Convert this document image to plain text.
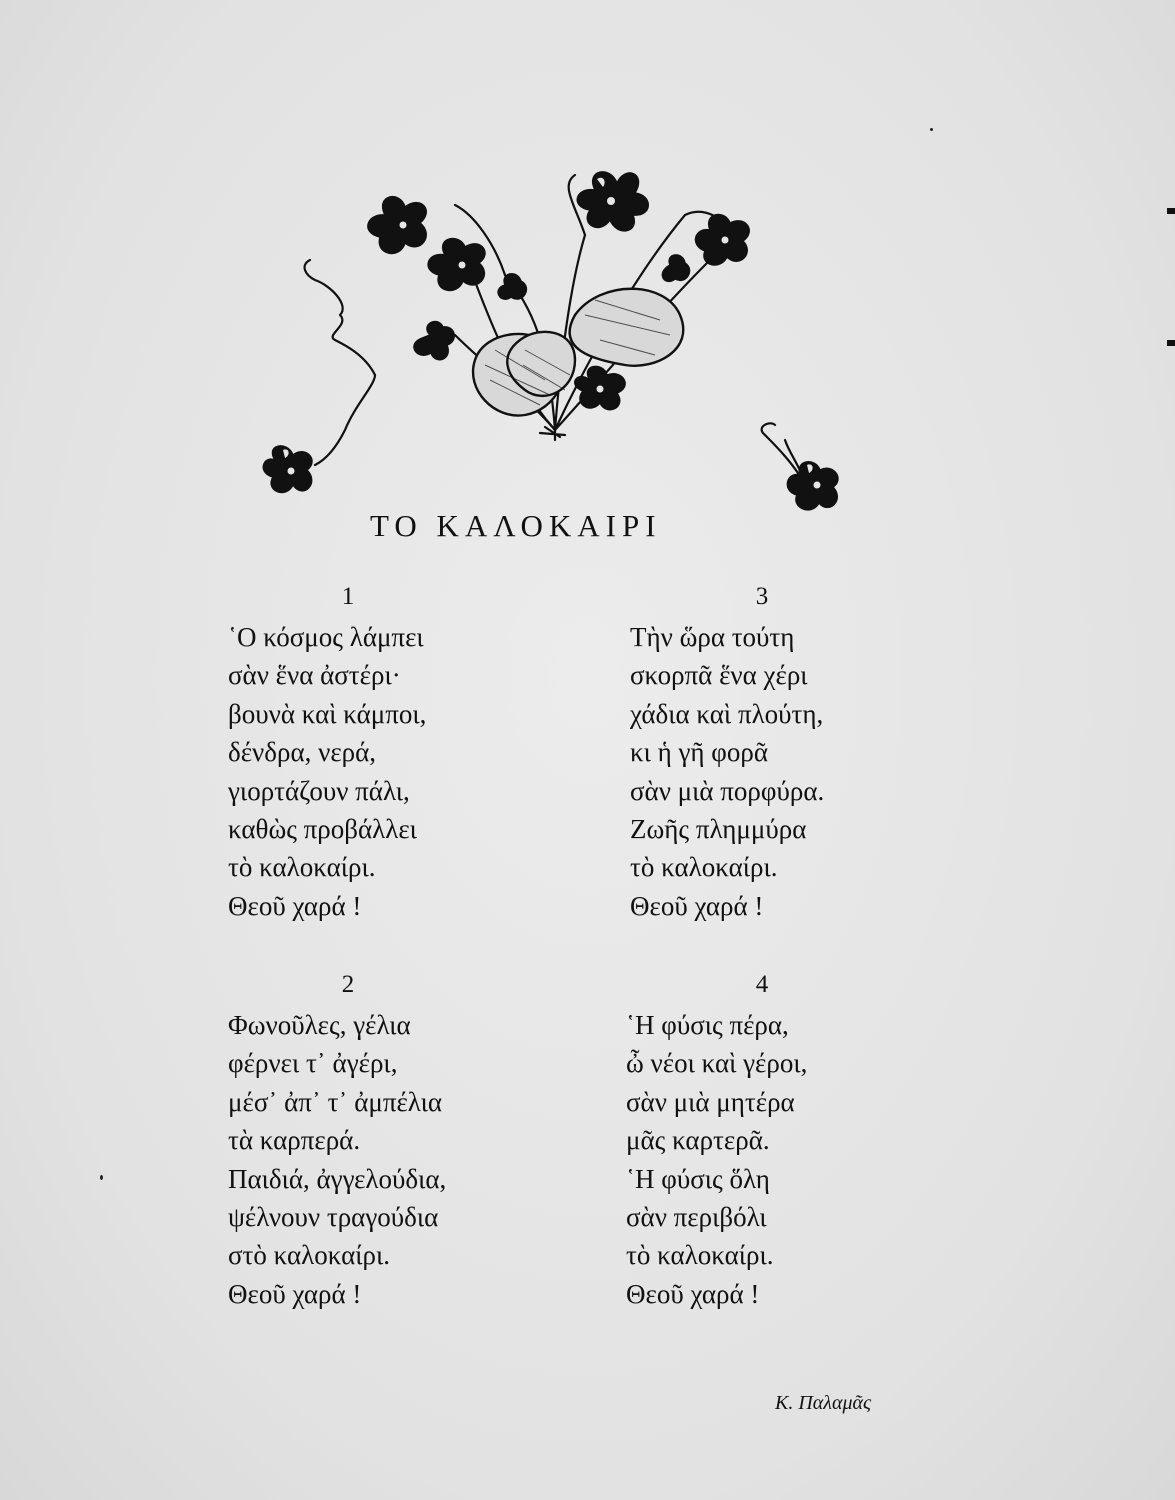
ΤΟ ΚΑΛΟΚΑΙΡΙ
1
῾Ο κόσμος λάμπει
σὰν ἕνα ἀστέρι·
βουνὰ καὶ κάμποι,
δένδρα, νερά,
γιορτάζουν πάλι,
καθὼς προβάλλει
τὸ καλοκαίρι.
Θεοῦ χαρά !
2
Φωνοῦλες, γέλια
φέρνει τ᾿ ἀγέρι,
μέσ᾿ ἀπ᾿ τ᾿ ἀμπέλια
τὰ καρπερά.
Παιδιά, ἀγγελούδια,
ψέλνουν τραγούδια
στὸ καλοκαίρι.
Θεοῦ χαρά !
3
Τὴν ὥρα τούτη
σκορπᾶ ἕνα χέρι
χάδια καὶ πλούτη,
κι ἡ γῆ φορᾶ
σὰν μιὰ πορφύρα.
Ζωῆς πλημμύρα
τὸ καλοκαίρι.
Θεοῦ χαρά !
4
῾Η φύσις πέρα,
ὦ νέοι καὶ γέροι,
σὰν μιὰ μητέρα
μᾶς καρτερᾶ.
῾Η φύσις ὅλη
σὰν περιβόλι
τὸ καλοκαίρι.
Θεοῦ χαρά !
Κ. Παλαμᾶς
